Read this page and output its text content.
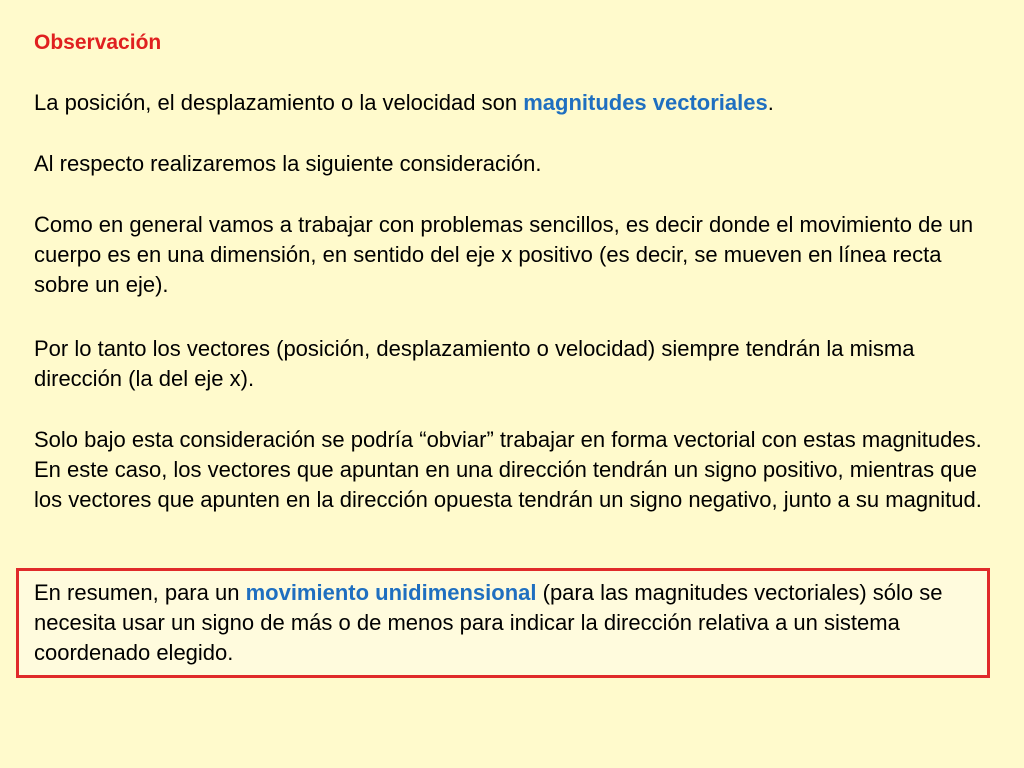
Observación

La posición, el desplazamiento o la velocidad son magnitudes vectoriales.

Al respecto realizaremos la siguiente consideración.

Como en general vamos a trabajar con problemas sencillos, es decir donde el movimiento de un cuerpo es en una dimensión, en sentido del eje x positivo (es decir, se mueven en línea recta sobre un eje).

Por lo tanto los vectores (posición, desplazamiento o velocidad) siempre tendrán la misma dirección (la del eje x).

Solo bajo esta consideración se podría “obviar” trabajar en forma vectorial con estas magnitudes. En este caso, los vectores que apuntan en una dirección tendrán un signo positivo, mientras que los vectores que apunten en la dirección opuesta tendrán un signo negativo, junto a su magnitud.

En resumen, para un movimiento unidimensional (para las magnitudes vectoriales) sólo se necesita usar un signo de más o de menos para indicar la dirección relativa a un sistema coordenado elegido.
